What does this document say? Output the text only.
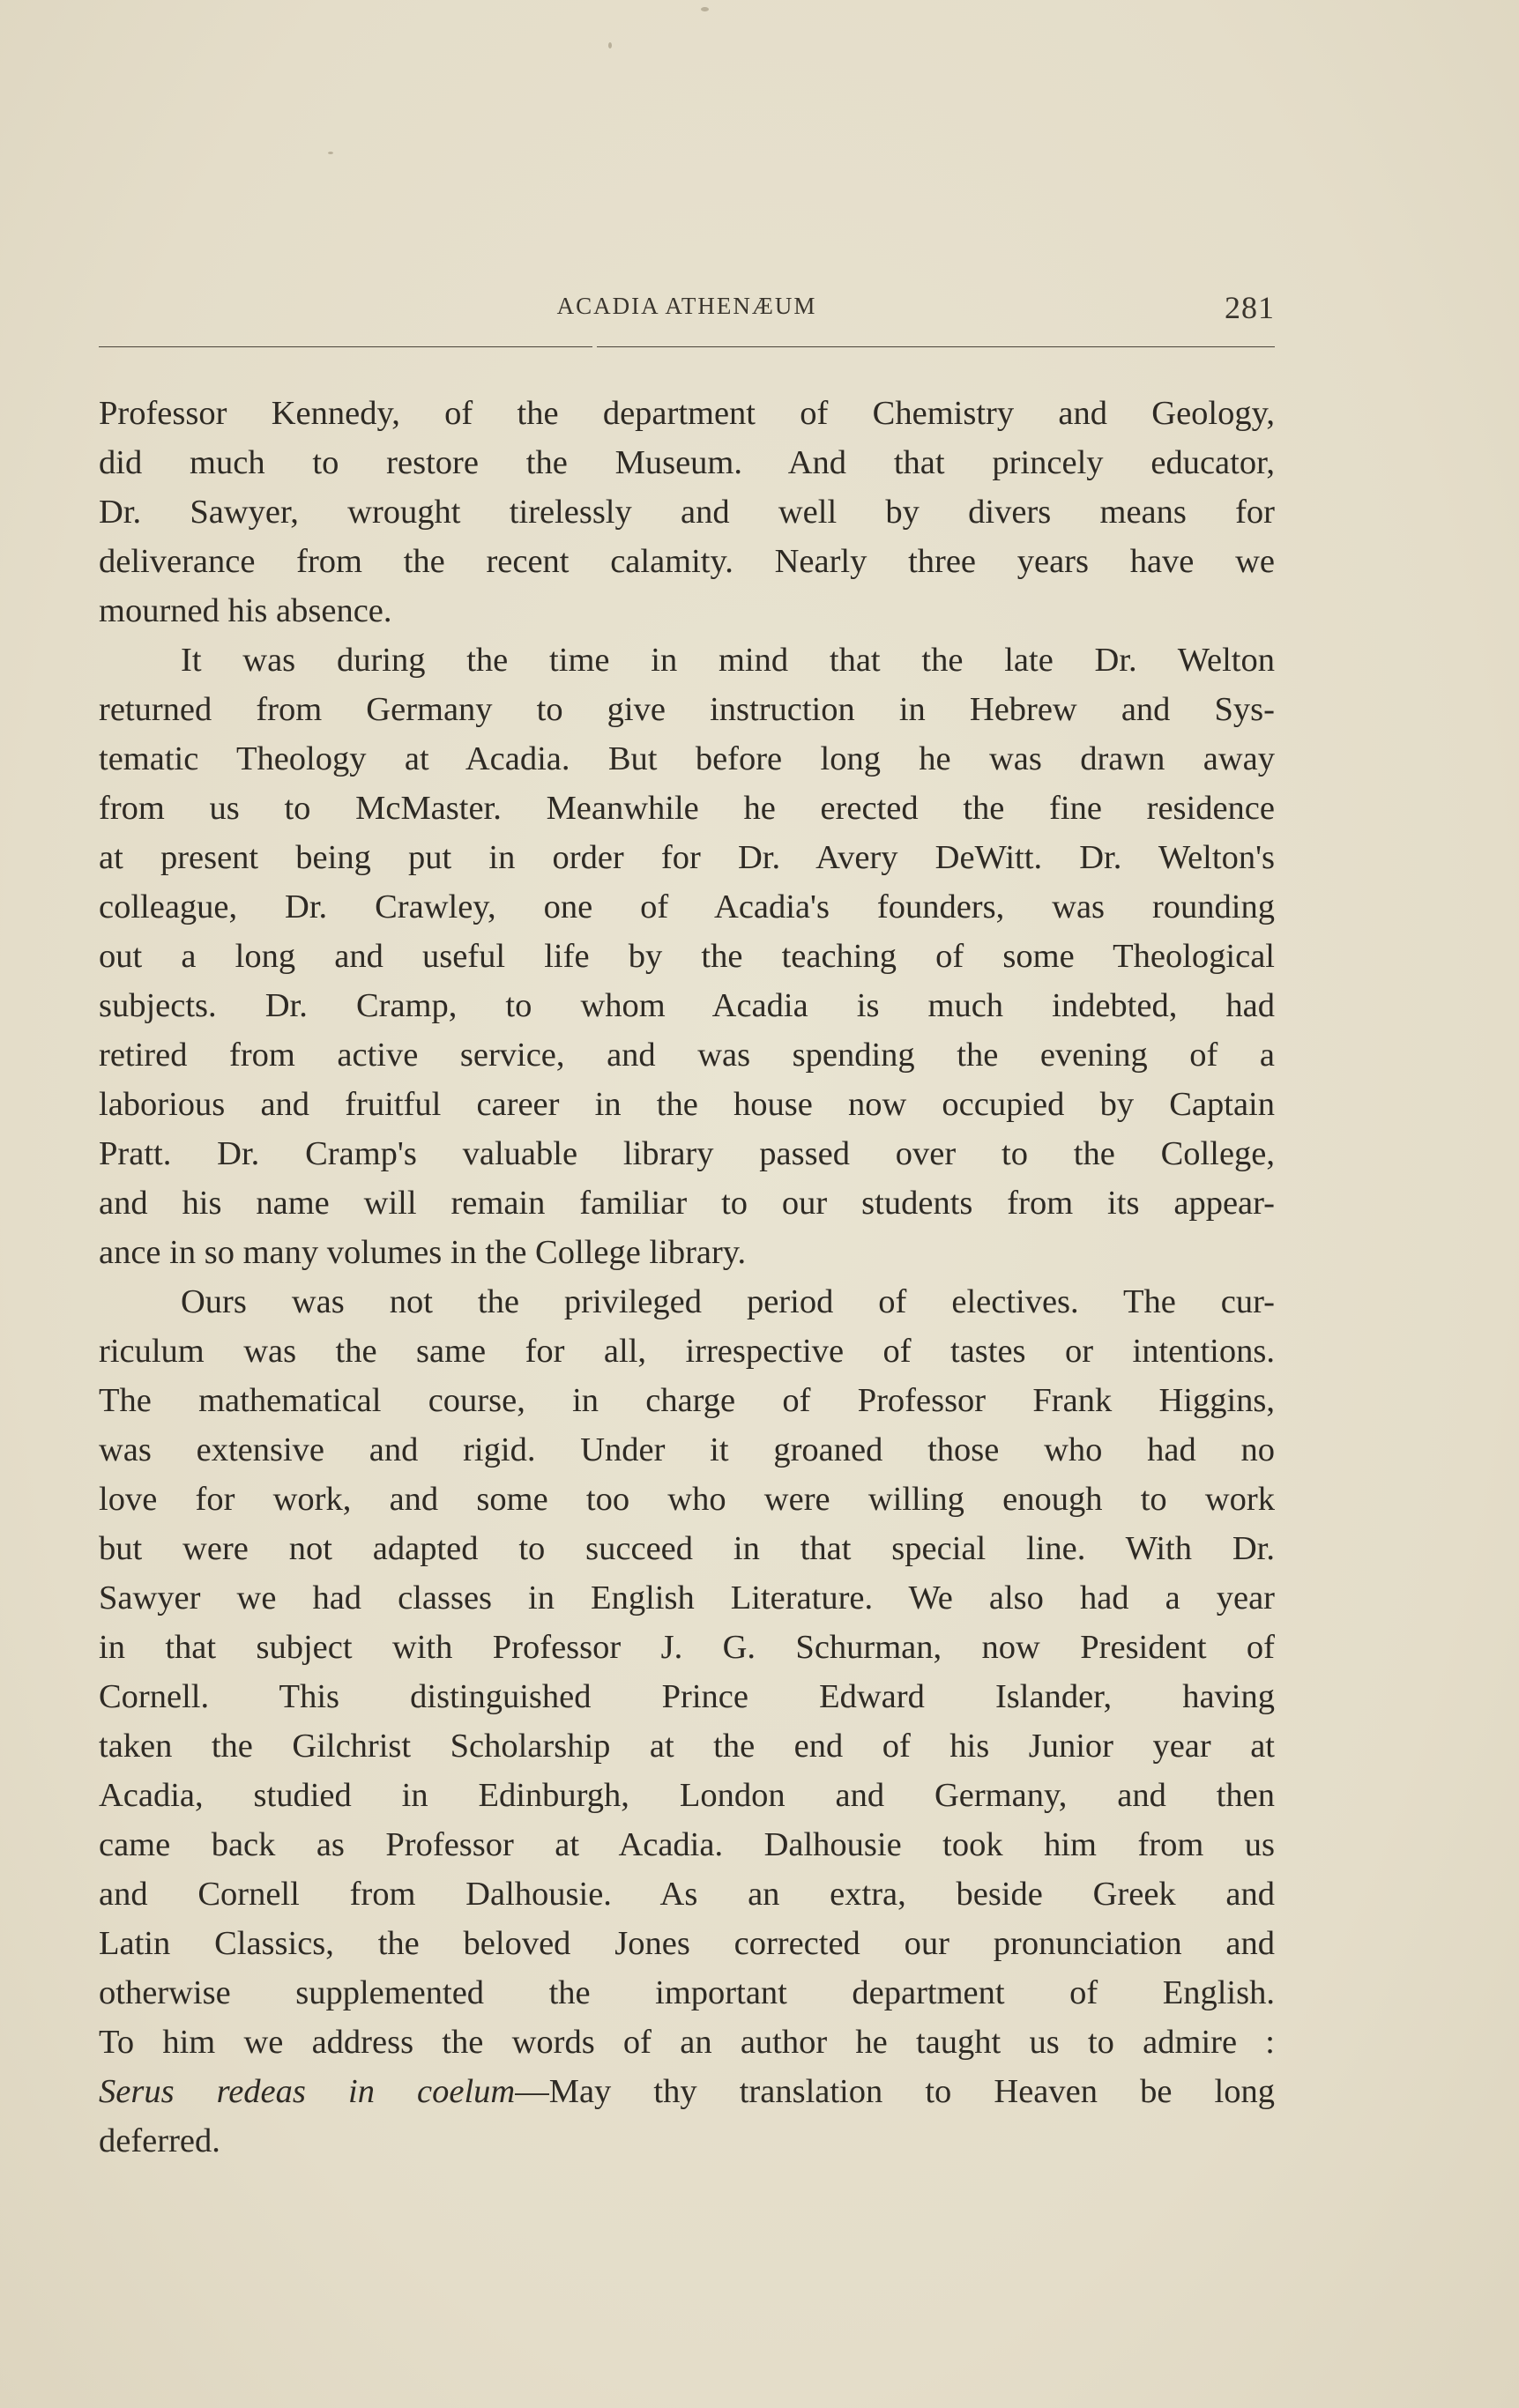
ACADIA ATHENÆUM	281
Professor Kennedy, of the department of Chemistry and Geology,
did much to restore the Museum. And that princely educator,
Dr. Sawyer, wrought tirelessly and well by divers means for
deliverance from the recent calamity. Nearly three years have we
mourned his absence.
It was during the time in mind that the late Dr. Welton
returned from Germany to give instruction in Hebrew and Sys-
tematic Theology at Acadia. But before long he was drawn away
from us to McMaster. Meanwhile he erected the fine residence
at present being put in order for Dr. Avery DeWitt. Dr. Welton's
colleague, Dr. Crawley, one of Acadia's founders, was rounding
out a long and useful life by the teaching of some Theological
subjects. Dr. Cramp, to whom Acadia is much indebted, had
retired from active service, and was spending the evening of a
laborious and fruitful career in the house now occupied by Captain
Pratt. Dr. Cramp's valuable library passed over to the College,
and his name will remain familiar to our students from its appear-
ance in so many volumes in the College library.
Ours was not the privileged period of electives. The cur-
riculum was the same for all, irrespective of tastes or intentions.
The mathematical course, in charge of Professor Frank Higgins,
was extensive and rigid. Under it groaned those who had no
love for work, and some too who were willing enough to work
but were not adapted to succeed in that special line. With Dr.
Sawyer we had classes in English Literature. We also had a year
in that subject with Professor J. G. Schurman, now President of
Cornell. This distinguished Prince Edward Islander, having
taken the Gilchrist Scholarship at the end of his Junior year at
Acadia, studied in Edinburgh, London and Germany, and then
came back as Professor at Acadia. Dalhousie took him from us
and Cornell from Dalhousie. As an extra, beside Greek and
Latin Classics, the beloved Jones corrected our pronunciation and
otherwise supplemented the important department of English.
To him we address the words of an author he taught us to admire :
Serus redeas in coelum—May thy translation to Heaven be long
deferred.
